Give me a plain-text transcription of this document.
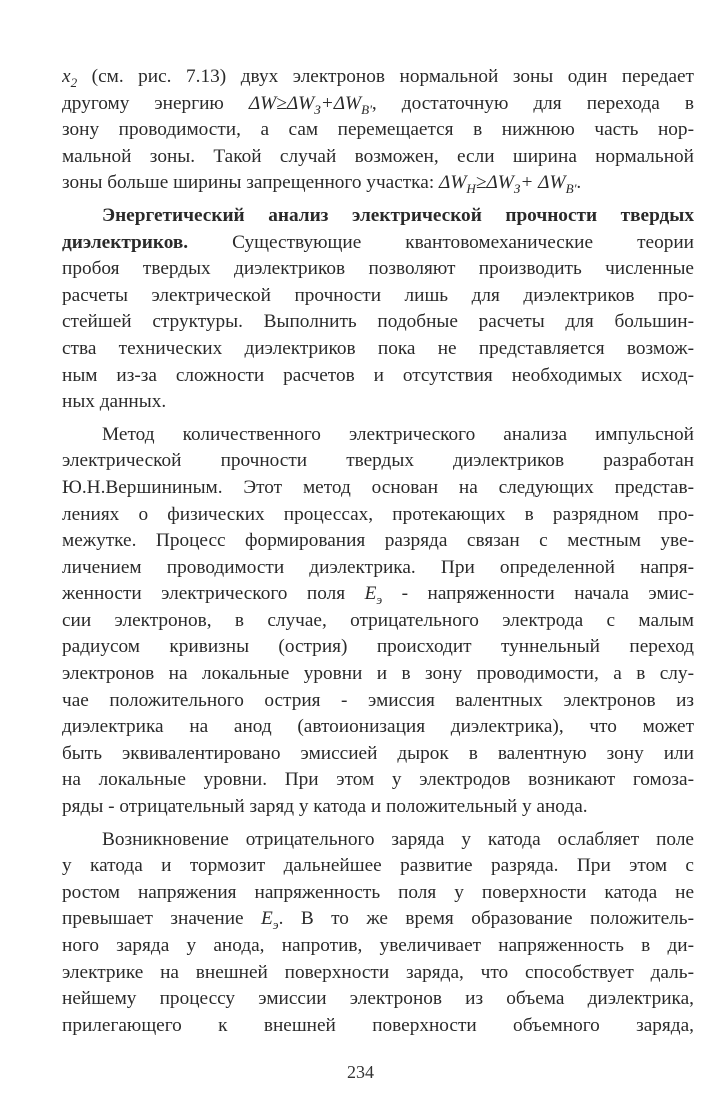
$x_2$ (см. рис. 7.13) двух электронов нормальной зоны один передает
другому энергию $\Delta W\ge\Delta W_З+\Delta W_{B'}$, достаточную для перехода в
зону проводимости, а сам перемещается в нижнюю часть нор-
мальной зоны. Такой случай возможен, если ширина нормальной
зоны больше ширины запрещенного участка: $\Delta W_H\ge\Delta W_З+ \Delta W_{B'}$.
Энергетический анализ электрической прочности твердых
диэлектриков. Существующие квантовомеханические теории
пробоя твердых диэлектриков позволяют производить численные
расчеты электрической прочности лишь для диэлектриков про-
стейшей структуры. Выполнить подобные расчеты для большин-
ства технических диэлектриков пока не представляется возмож-
ным из-за сложности расчетов и отсутствия необходимых исход-
ных данных.
Метод количественного электрического анализа импульсной
электрической прочности твердых диэлектриков разработан
Ю.Н.Вершининым. Этот метод основан на следующих представ-
лениях о физических процессах, протекающих в разрядном про-
межутке. Процесс формирования разряда связан с местным уве-
личением проводимости диэлектрика. При определенной напря-
женности электрического поля $E_э$ - напряженности начала эмис-
сии электронов, в случае, отрицательного электрода с малым
радиусом кривизны (острия) происходит туннельный переход
электронов на локальные уровни и в зону проводимости, а в слу-
чае положительного острия - эмиссия валентных электронов из
диэлектрика на анод (автоионизация диэлектрика), что может
быть эквивалентировано эмиссией дырок в валентную зону или
на локальные уровни. При этом у электродов возникают гомоза-
ряды - отрицательный заряд у катода и положительный у анода.
Возникновение отрицательного заряда у катода ослабляет поле
у катода и тормозит дальнейшее развитие разряда. При этом с
ростом напряжения напряженность поля у поверхности катода не
превышает значение $E_э$. В то же время образование положитель-
ного заряда у анода, напротив, увеличивает напряженность в ди-
электрике на внешней поверхности заряда, что способствует даль-
нейшему процессу эмиссии электронов из объема диэлектрика,
прилегающего к внешней поверхности объемного заряда,
234
